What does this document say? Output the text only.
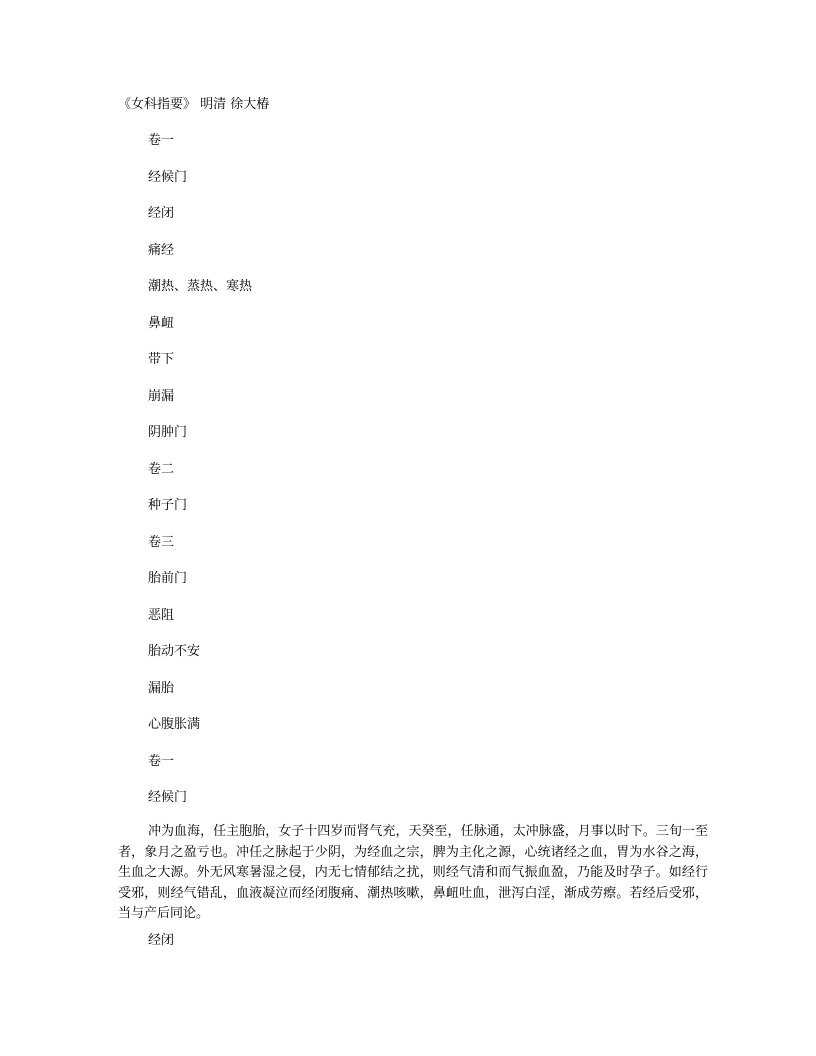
《女科指要》 明清 徐大椿
卷一
经候门
经闭
痛经
潮热、蒸热、寒热
鼻衄
带下
崩漏
阴肿门
卷二
种子门
卷三
胎前门
恶阻
胎动不安
漏胎
心腹胀满
卷一
经候门

冲为血海，任主胞胎，女子十四岁而肾气充，天癸至，任脉通，太冲脉盛，月事以时下。三旬一至者，象月之盈亏也。冲任之脉起于少阴，为经血之宗，脾为主化之源，心统诸经之血，胃为水谷之海，生血之大源。外无风寒暑湿之侵，内无七情郁结之扰，则经气清和而气振血盈，乃能及时孕子。如经行受邪，则经气错乱，血液凝泣而经闭腹痛、潮热咳嗽，鼻衄吐血，泄泻白淫，渐成劳瘵。若经后受邪，当与产后同论。

经闭
